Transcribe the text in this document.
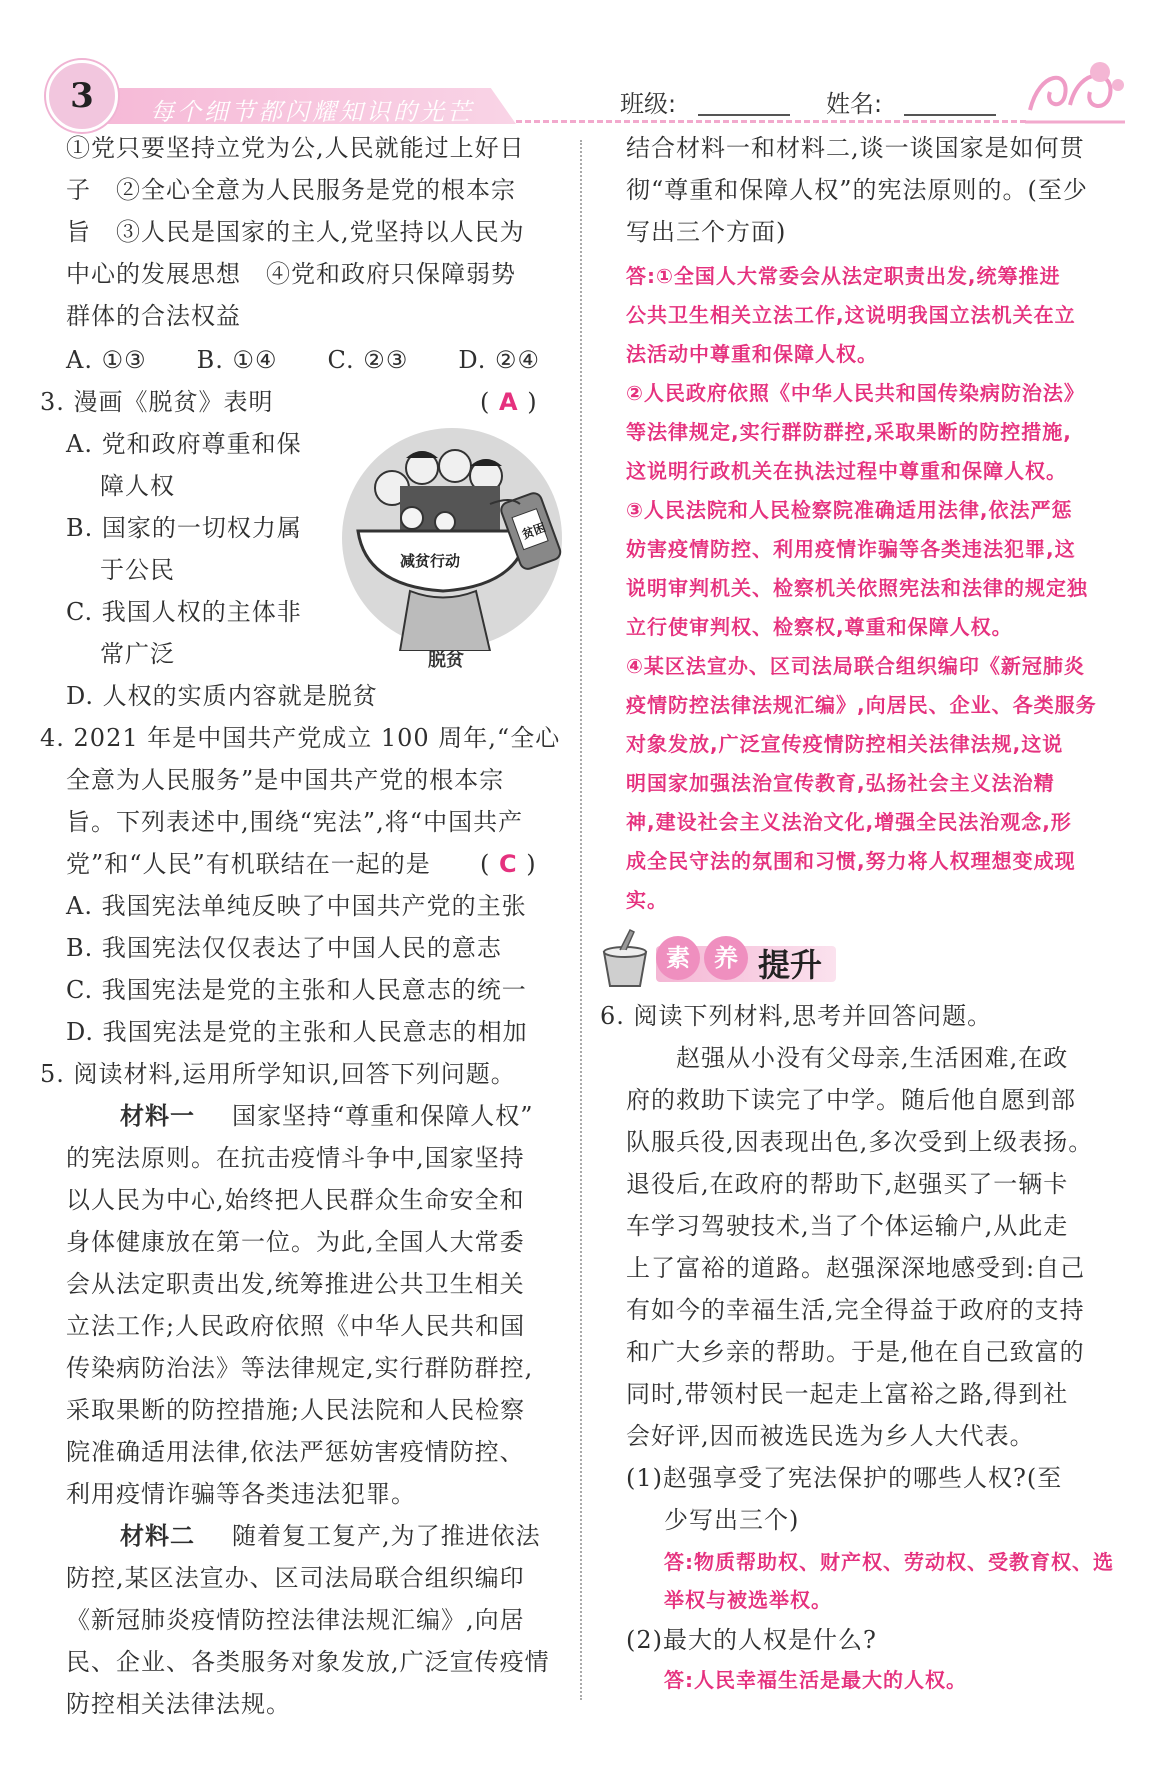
3	每个细节都闪耀知识的光芒	班级:	姓名:
①党只要坚持立党为公,人民就能过上好日
子　②全心全意为人民服务是党的根本宗
旨　③人民是国家的主人,党坚持以人民为
中心的发展思想　④党和政府只保障弱势
群体的合法权益
A. ①③　　B. ①④　　C. ②③　　D. ②④
3. 漫画《脱贫》表明	( A )
A. 党和政府尊重和保
障人权
B. 国家的一切权力属
于公民
C. 我国人权的主体非
常广泛
D. 人权的实质内容就是脱贫
减贫行动
贫困
脱贫
4. 2021 年是中国共产党成立 100 周年,“全心
全意为人民服务”是中国共产党的根本宗
旨。下列表述中,围绕“宪法”,将“中国共产
党”和“人民”有机联结在一起的是 ( C )
A. 我国宪法单纯反映了中国共产党的主张
B. 我国宪法仅仅表达了中国人民的意志
C. 我国宪法是党的主张和人民意志的统一
D. 我国宪法是党的主张和人民意志的相加
5. 阅读材料,运用所学知识,回答下列问题。
材料一 国家坚持“尊重和保障人权”
的宪法原则。在抗击疫情斗争中,国家坚持
以人民为中心,始终把人民群众生命安全和
身体健康放在第一位。为此,全国人大常委
会从法定职责出发,统筹推进公共卫生相关
立法工作;人民政府依照《中华人民共和国
传染病防治法》等法律规定,实行群防群控,
采取果断的防控措施;人民法院和人民检察
院准确适用法律,依法严惩妨害疫情防控、
利用疫情诈骗等各类违法犯罪。
材料二 随着复工复产,为了推进依法
防控,某区法宣办、区司法局联合组织编印
《新冠肺炎疫情防控法律法规汇编》,向居
民、企业、各类服务对象发放,广泛宣传疫情
防控相关法律法规。
结合材料一和材料二,谈一谈国家是如何贯
彻“尊重和保障人权”的宪法原则的。(至少
写出三个方面)
答:①全国人大常委会从法定职责出发,统筹推进
公共卫生相关立法工作,这说明我国立法机关在立
法活动中尊重和保障人权。
②人民政府依照《中华人民共和国传染病防治法》
等法律规定,实行群防群控,采取果断的防控措施,
这说明行政机关在执法过程中尊重和保障人权。
③人民法院和人民检察院准确适用法律,依法严惩
妨害疫情防控、利用疫情诈骗等各类违法犯罪,这
说明审判机关、检察机关依照宪法和法律的规定独
立行使审判权、检察权,尊重和保障人权。
④某区法宣办、区司法局联合组织编印《新冠肺炎
疫情防控法律法规汇编》,向居民、企业、各类服务
对象发放,广泛宣传疫情防控相关法律法规,这说
明国家加强法治宣传教育,弘扬社会主义法治精
神,建设社会主义法治文化,增强全民法治观念,形
成全民守法的氛围和习惯,努力将人权理想变成现
实。
素	养 提升
6. 阅读下列材料,思考并回答问题。
赵强从小没有父母亲,生活困难,在政
府的救助下读完了中学。随后他自愿到部
队服兵役,因表现出色,多次受到上级表扬。
退役后,在政府的帮助下,赵强买了一辆卡
车学习驾驶技术,当了个体运输户,从此走
上了富裕的道路。赵强深深地感受到:自己
有如今的幸福生活,完全得益于政府的支持
和广大乡亲的帮助。于是,他在自己致富的
同时,带领村民一起走上富裕之路,得到社
会好评,因而被选民选为乡人大代表。
(1)赵强享受了宪法保护的哪些人权?(至
少写出三个)
答:物质帮助权、财产权、劳动权、受教育权、选
举权与被选举权。
(2)最大的人权是什么?
答:人民幸福生活是最大的人权。
